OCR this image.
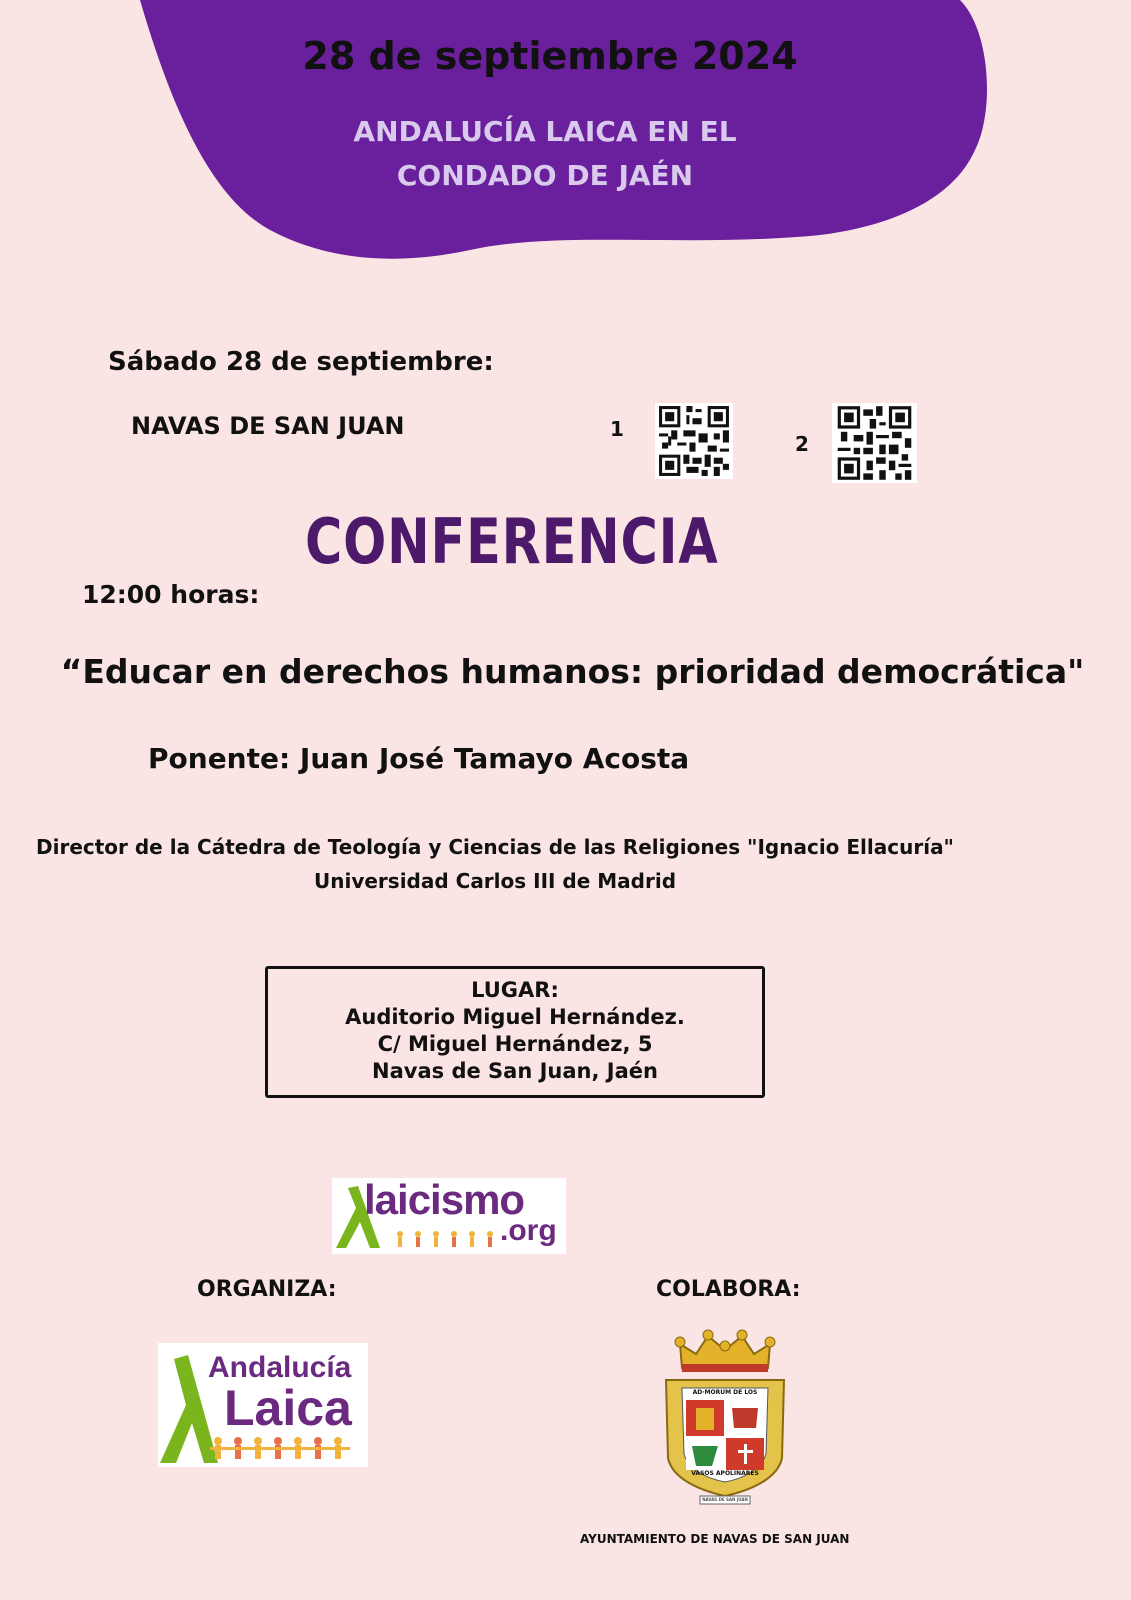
28 de septiembre 2024
ANDALUCÍA LAICA EN EL
CONDADO DE JAÉN
Sábado 28 de septiembre:
NAVAS DE SAN JUAN	1
2
CONFERENCIA
12:00 horas:
“Educar en derechos humanos: prioridad democrática"
Ponente: Juan José Tamayo Acosta
Director de la Cátedra de Teología y Ciencias de las Religiones "Ignacio Ellacuría"
Universidad Carlos III de Madrid
LUGAR:
Auditorio Miguel Hernández.
C/ Miguel Hernández, 5
Navas de San Juan, Jaén
laicismo
.org
ORGANIZA:	COLABORA:
Andalucía
Laica	AD·MORUM DE LOS
VASOS APOLINARES
NAVAS DE SAN JUAN
AYUNTAMIENTO DE NAVAS DE SAN JUAN
